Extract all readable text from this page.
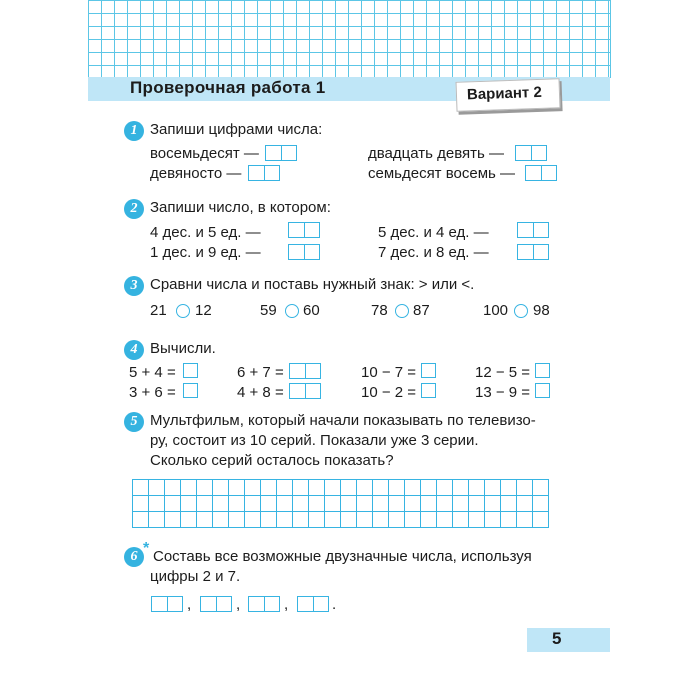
Проверочная работа 1	Вариант 2
1 Запиши цифрами числа:
восемьдесят —	двадцать девять —
девяносто —	семьдесят восемь —
2 Запиши число, в котором:
4 дес. и 5 ед. —	5 дес. и 4 ед. —
1 дес. и 9 ед. —	7 дес. и 8 ед. —
3 Сравни числа и поставь нужный знак: > или <.
21 12	59 60	78 87	100 98
4 Вычисли.
5 + 4 =	6 + 7 =	10 − 7 =	12 − 5 =
3 + 6 =	4 + 8 =	10 − 2 =	13 − 9 =
5 Мультфильм, который начали показывать по телевизо-
ру, состоит из 10 серий. Показали уже 3 серии.
Сколько серий осталось показать?
6 * Составь все возможные двузначные числа, используя
цифры 2 и 7.
,	,	,	.
5
